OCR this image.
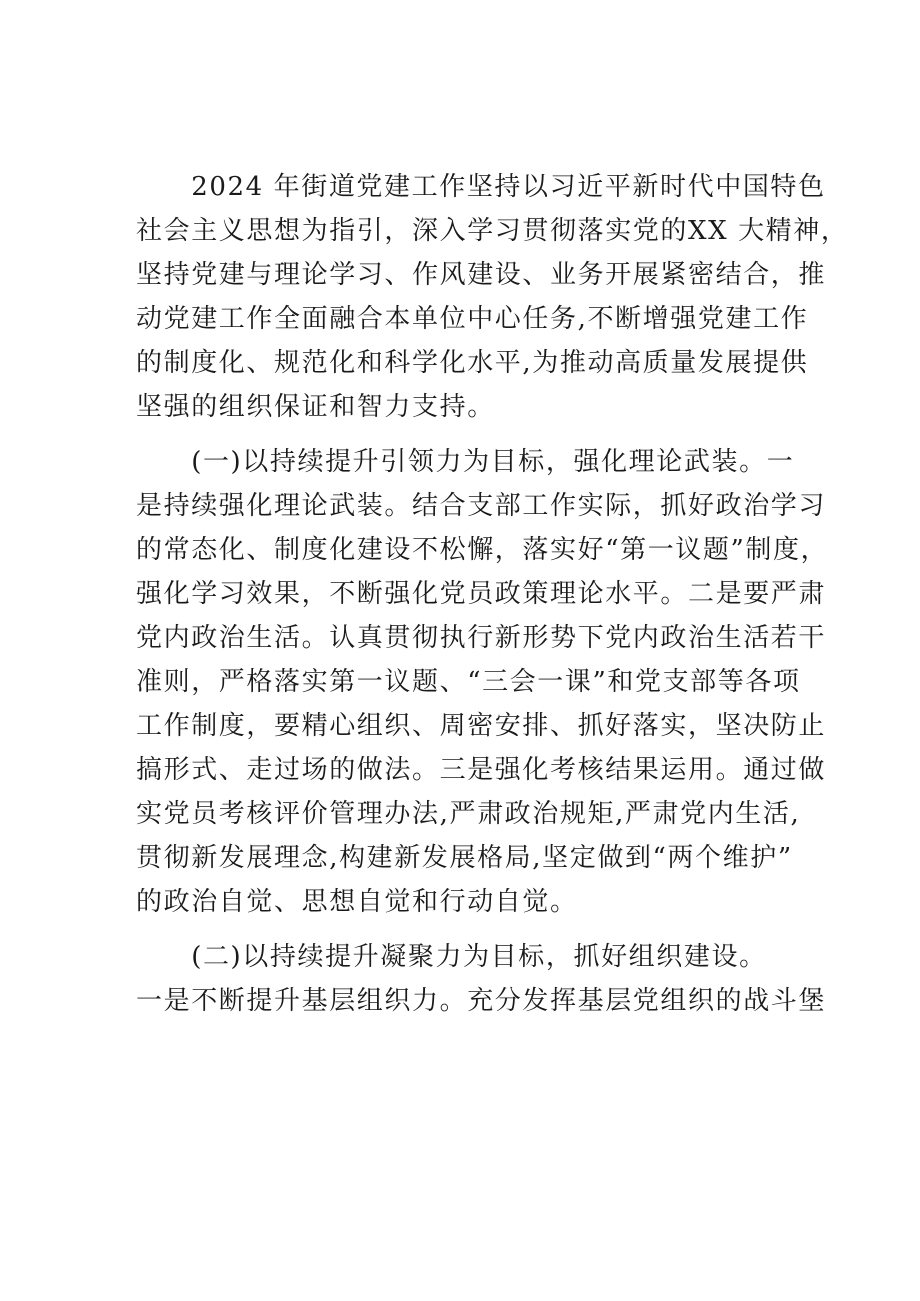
　　2024 年街道党建工作坚持以习近平新时代中国特色
社会主义思想为指引，深入学习贯彻落实党的XX 大精神，
坚持党建与理论学习、作风建设、业务开展紧密结合，推
动党建工作全面融合本单位中心任务,不断增强党建工作
的制度化、规范化和科学化水平,为推动高质量发展提供
坚强的组织保证和智力支持。
　　(一)以持续提升引领力为目标，强化理论武装。一
是持续强化理论武装。结合支部工作实际，抓好政治学习
的常态化、制度化建设不松懈，落实好“第一议题”制度，
强化学习效果，不断强化党员政策理论水平。二是要严肃
党内政治生活。认真贯彻执行新形势下党内政治生活若干
准则，严格落实第一议题、“三会一课”和党支部等各项
工作制度，要精心组织、周密安排、抓好落实，坚决防止
搞形式、走过场的做法。三是强化考核结果运用。通过做
实党员考核评价管理办法,严肃政治规矩,严肃党内生活,
贯彻新发展理念,构建新发展格局,坚定做到“两个维护”
的政治自觉、思想自觉和行动自觉。
　　(二)以持续提升凝聚力为目标，抓好组织建设。
一是不断提升基层组织力。充分发挥基层党组织的战斗堡
